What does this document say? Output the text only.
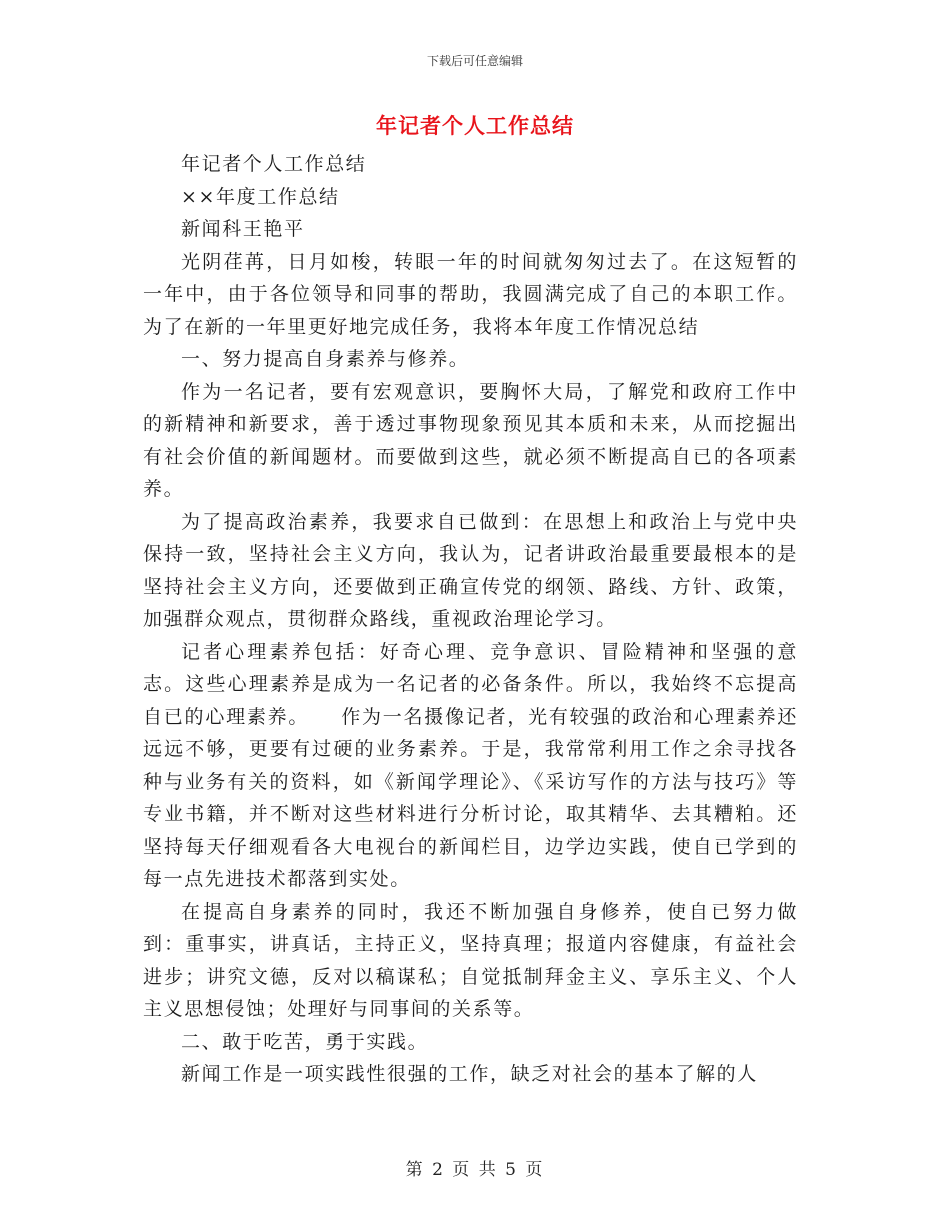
下载后可任意编辑
年记者个人工作总结

年记者个人工作总结

××年度工作总结

新闻科王艳平

光阴荏苒，日月如梭，转眼一年的时间就匆匆过去了。在这短暂的一年中，由于各位领导和同事的帮助，我圆满完成了自己的本职工作。为了在新的一年里更好地完成任务，我将本年度工作情况总结

一、努力提高自身素养与修养。

作为一名记者，要有宏观意识，要胸怀大局，了解党和政府工作中的新精神和新要求，善于透过事物现象预见其本质和未来，从而挖掘出有社会价值的新闻题材。而要做到这些，就必须不断提高自已的各项素养。

为了提高政治素养，我要求自已做到：在思想上和政治上与党中央保持一致，坚持社会主义方向，我认为，记者讲政治最重要最根本的是坚持社会主义方向，还要做到正确宣传党的纲领、路线、方针、政策，加强群众观点，贯彻群众路线，重视政治理论学习。

记者心理素养包括：好奇心理、竞争意识、冒险精神和坚强的意志。这些心理素养是成为一名记者的必备条件。所以，我始终不忘提高自已的心理素养。　　作为一名摄像记者，光有较强的政治和心理素养还远远不够，更要有过硬的业务素养。于是，我常常利用工作之余寻找各种与业务有关的资料，如《新闻学理论》、《采访写作的方法与技巧》等专业书籍，并不断对这些材料进行分析讨论，取其精华、去其糟粕。还坚持每天仔细观看各大电视台的新闻栏目，边学边实践，使自已学到的每一点先进技术都落到实处。

在提高自身素养的同时，我还不断加强自身修养，使自已努力做到：重事实，讲真话，主持正义，坚持真理；报道内容健康，有益社会进步；讲究文德，反对以稿谋私；自觉抵制拜金主义、享乐主义、个人主义思想侵蚀；处理好与同事间的关系等。

二、敢于吃苦，勇于实践。

新闻工作是一项实践性很强的工作，缺乏对社会的基本了解的人

第 2 页 共 5 页
